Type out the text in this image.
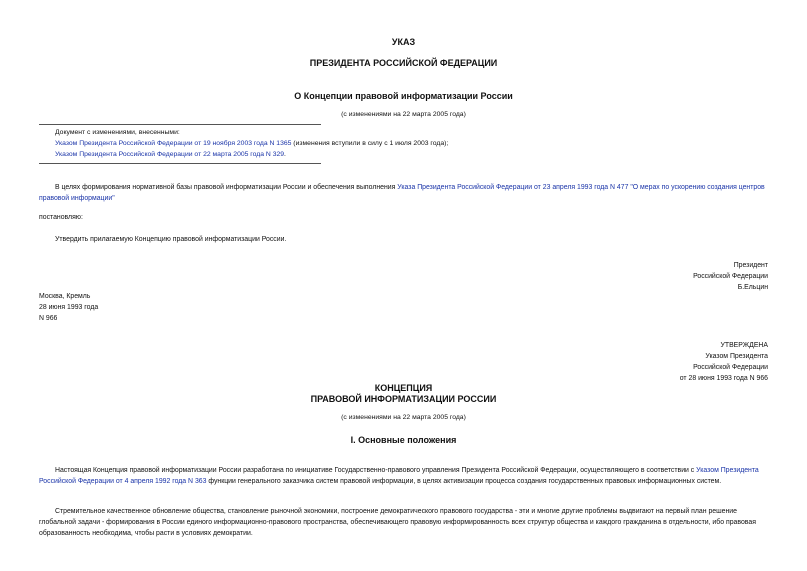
УКАЗ
ПРЕЗИДЕНТА РОССИЙСКОЙ ФЕДЕРАЦИИ
О Концепции правовой информатизации России
(с изменениями на 22 марта 2005 года)
Документ с изменениями, внесенными:
Указом Президента Российской Федерации от 19 ноября 2003 года N 1365 (изменения вступили в силу с 1 июля 2003 года);
Указом Президента Российской Федерации от 22 марта 2005 года N 329.
В целях формирования нормативной базы правовой информатизации России и обеспечения выполнения Указа Президента Российской Федерации от 23 апреля 1993 года N 477 "О мерах по ускорению создания центров правовой информации"
постановляю:
Утвердить прилагаемую Концепцию правовой информатизации России.
Президент
Российской Федерации
Б.Ельцин
Москва, Кремль
28 июня 1993 года
N 966
УТВЕРЖДЕНА
Указом Президента
Российской Федерации
от 28 июня 1993 года N 966
КОНЦЕПЦИЯ
ПРАВОВОЙ ИНФОРМАТИЗАЦИИ РОССИИ
(с изменениями на 22 марта 2005 года)
I. Основные положения
Настоящая Концепция правовой информатизации России разработана по инициативе Государственно-правового управления Президента Российской Федерации, осуществляющего в соответствии с Указом Президента Российской Федерации от 4 апреля 1992 года N 363 функции генерального заказчика систем правовой информации, в целях активизации процесса создания государственных правовых информационных систем.
Стремительное качественное обновление общества, становление рыночной экономики, построение демократического правового государства - эти и многие другие проблемы выдвигают на первый план решение глобальной задачи - формирования в России единого информационно-правового пространства, обеспечивающего правовую информированность всех структур общества и каждого гражданина в отдельности, ибо правовая образованность необходима, чтобы расти в условиях демократии.
